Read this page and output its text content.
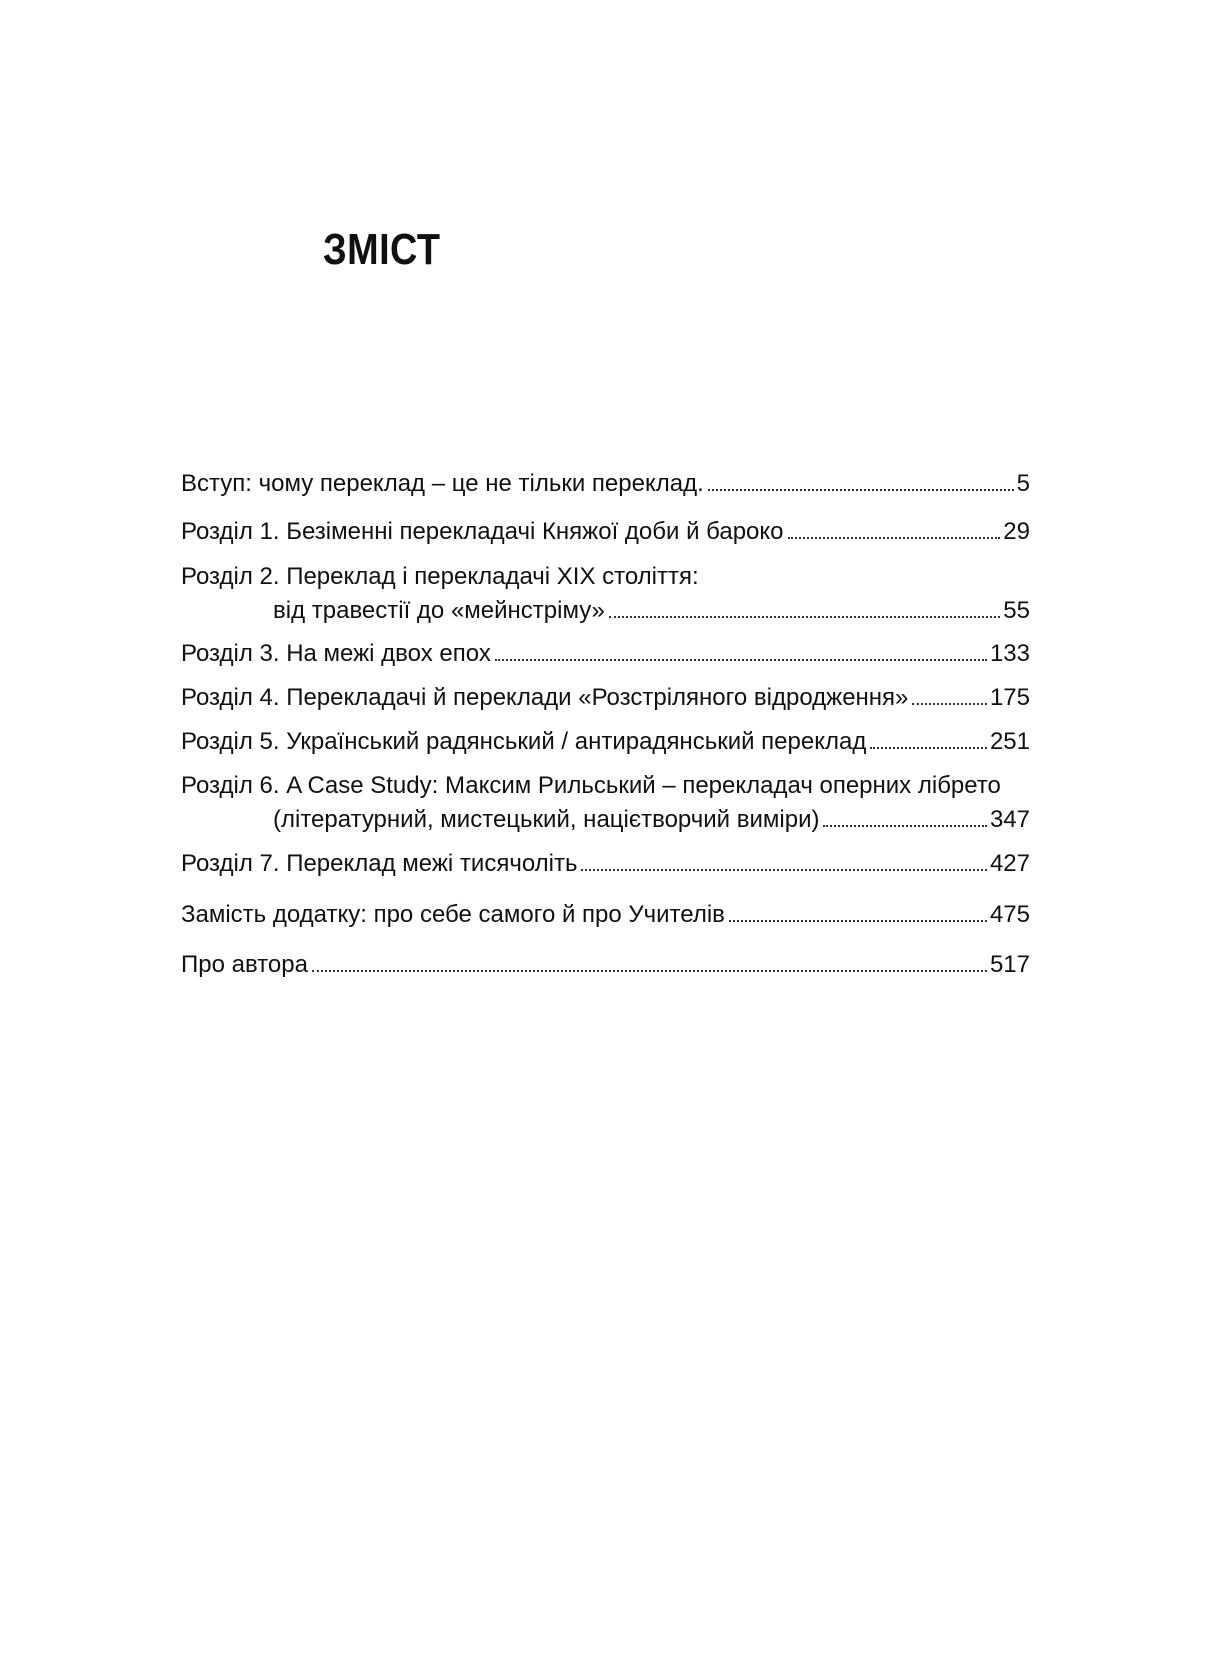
ЗМІСТ
Вступ: чому переклад – це не тільки переклад.	5
Розділ 1. Безіменні перекладачі Княжої доби й бароко	29
Розділ 2. Переклад і перекладачі XIX століття:
від травестії до «мейнстріму»	55
Розділ 3. На межі двох епох	133
Розділ 4. Перекладачі й переклади «Розстріляного відродження»	175
Розділ 5. Український радянський / антирадянський переклад	251
Розділ 6. A Case Study: Максим Рильський – перекладач оперних лібрето
(літературний, мистецький, націєтворчий виміри)	347
Розділ 7. Переклад межі тисячоліть	427
Замість додатку: про себе самого й про Учителів	475
Про автора	517
